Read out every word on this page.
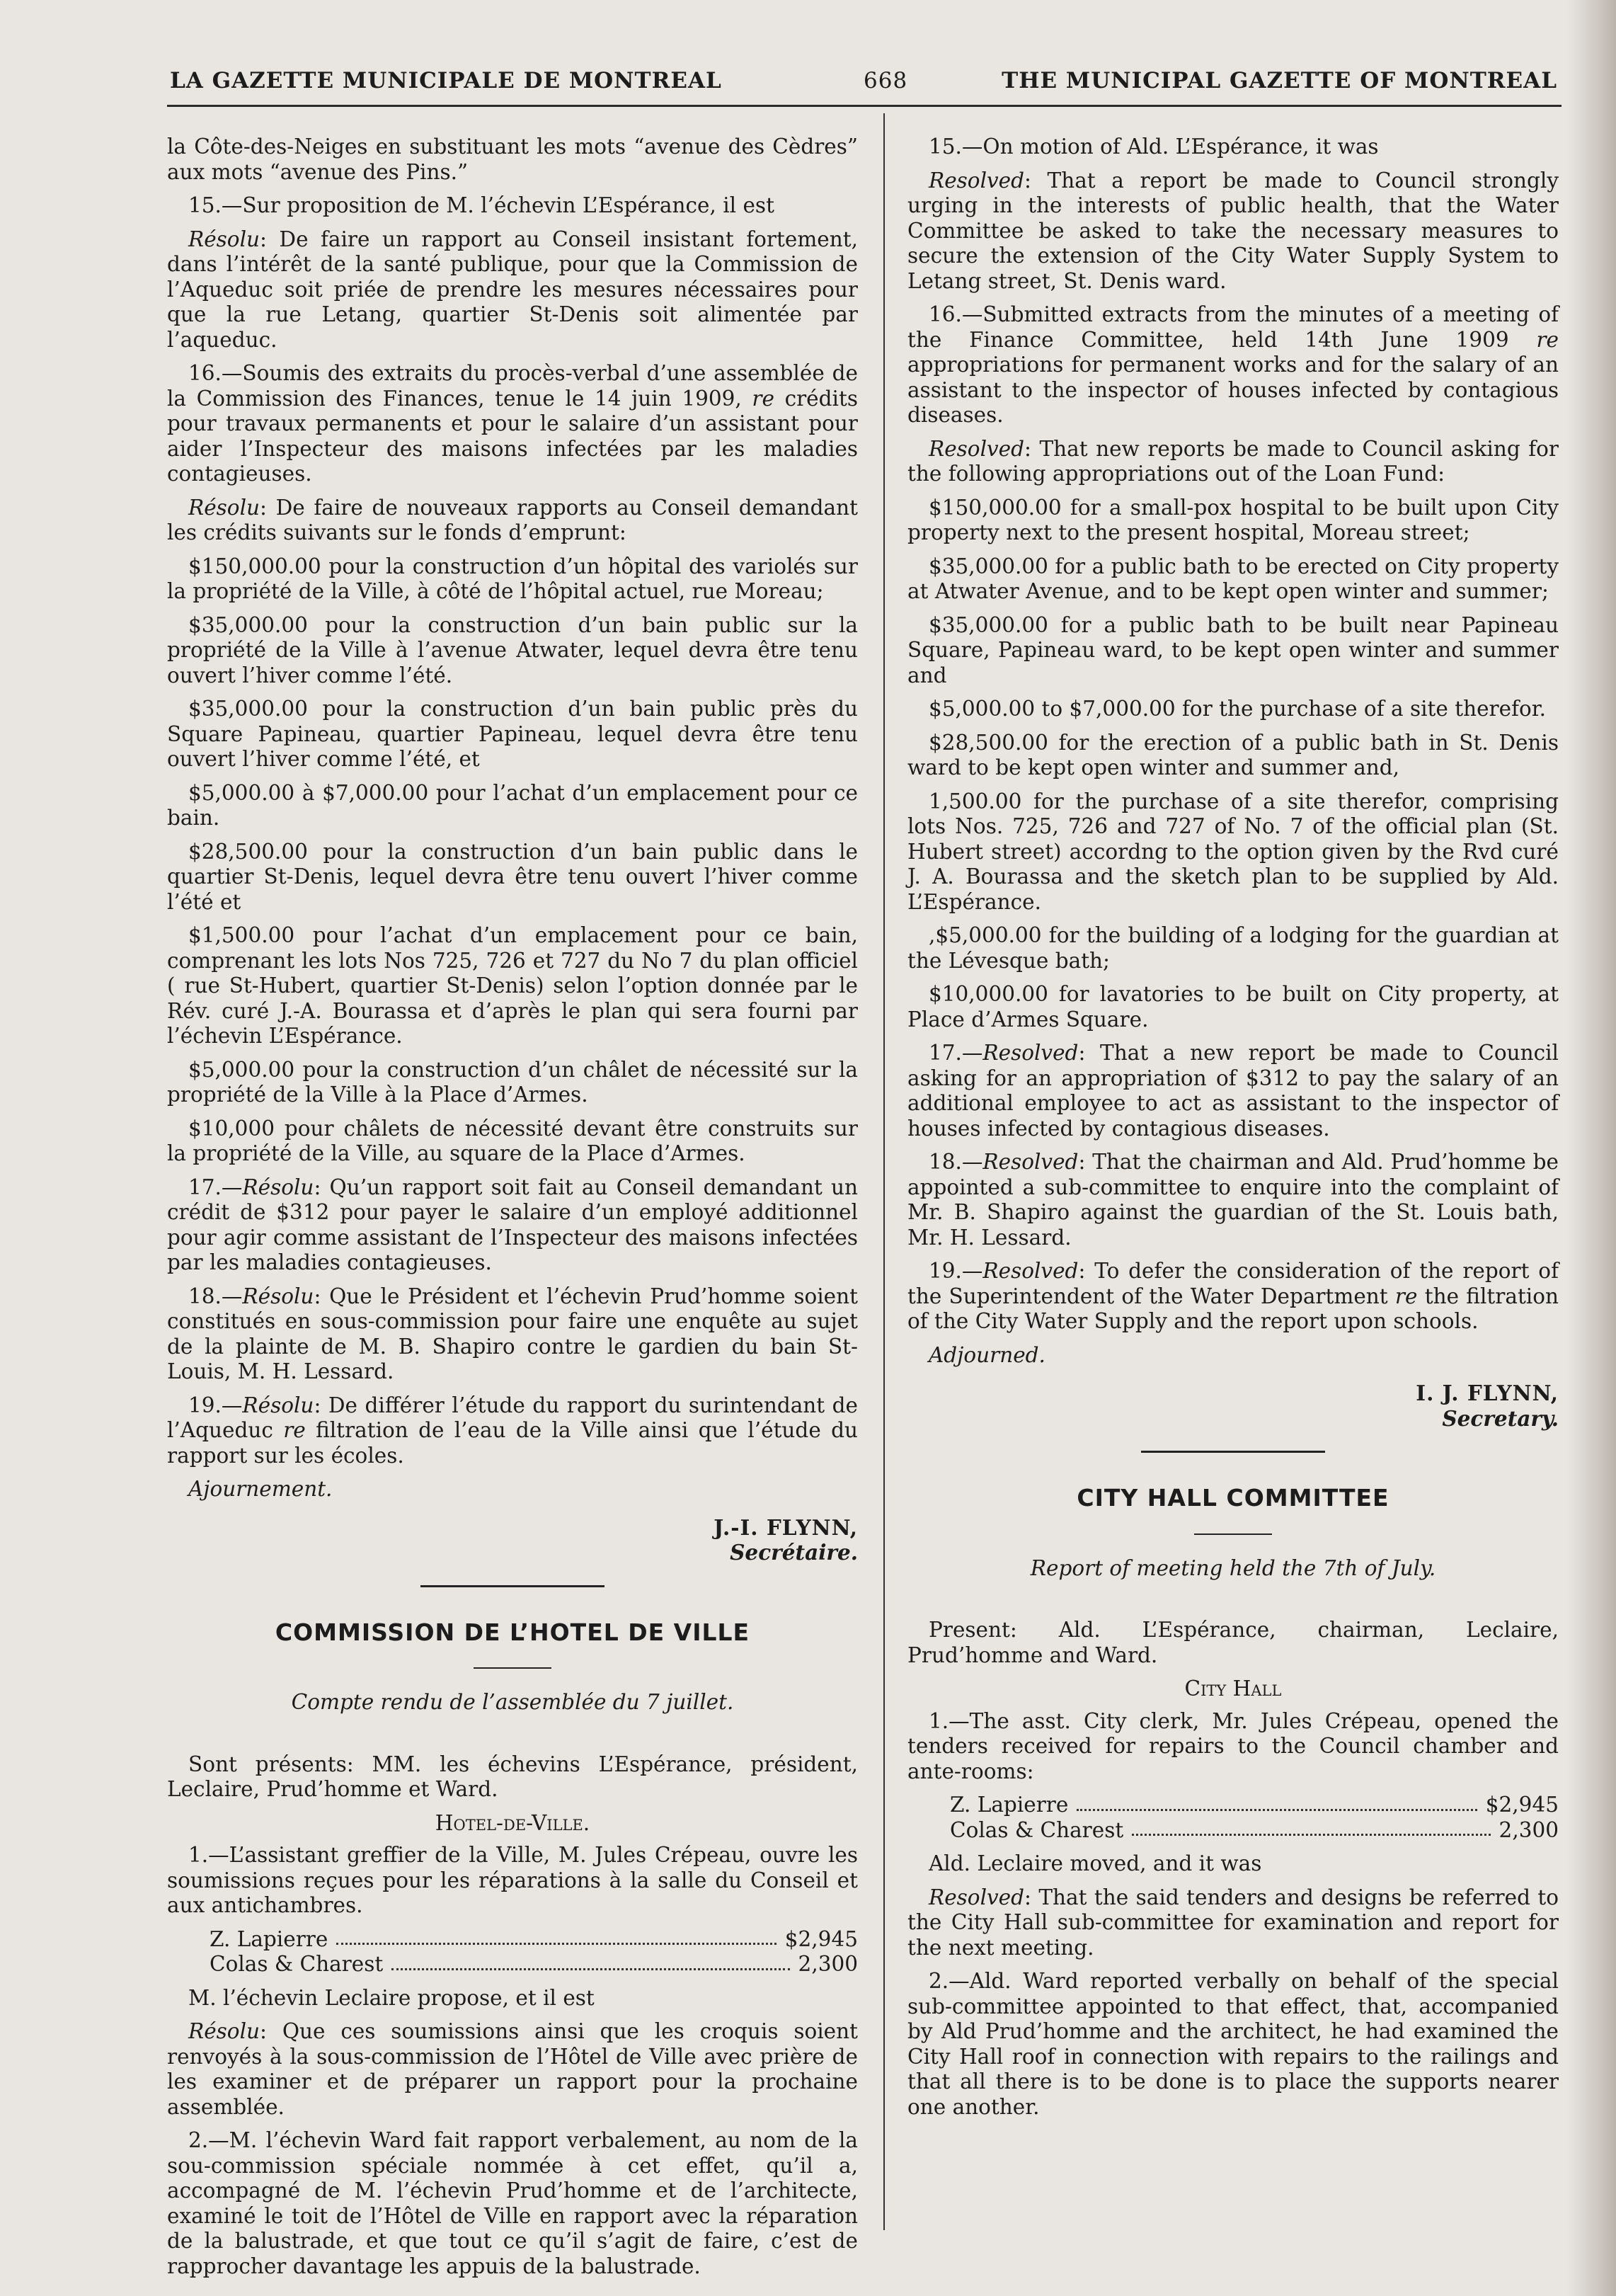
LA GAZETTE MUNICIPALE DE MONTREAL	668	THE MUNICIPAL GAZETTE OF MONTREAL

la Côte-des-Neiges en substituant les mots “avenue des Cèdres” aux mots “avenue des Pins.”

15.—Sur proposition de M. l’échevin L’Espérance, il est

Résolu: De faire un rapport au Conseil insistant fortement, dans l’intérêt de la santé publique, pour que la Commission de l’Aqueduc soit priée de prendre les mesures nécessaires pour que la rue Letang, quartier St-Denis soit alimentée par l’aqueduc.

16.—Soumis des extraits du procès-verbal d’une assemblée de la Commission des Finances, tenue le 14 juin 1909, re crédits pour travaux permanents et pour le salaire d’un assistant pour aider l’Inspecteur des maisons infectées par les maladies contagieuses.

Résolu: De faire de nouveaux rapports au Conseil demandant les crédits suivants sur le fonds d’emprunt:

$150,000.00 pour la construction d’un hôpital des variolés sur la propriété de la Ville, à côté de l’hôpital actuel, rue Moreau;

$35,000.00 pour la construction d’un bain public sur la propriété de la Ville à l’avenue Atwater, lequel devra être tenu ouvert l’hiver comme l’été.

$35,000.00 pour la construction d’un bain public près du Square Papineau, quartier Papineau, lequel devra être tenu ouvert l’hiver comme l’été, et

$5,000.00 à $7,000.00 pour l’achat d’un emplacement pour ce bain.

$28,500.00 pour la construction d’un bain public dans le quartier St-Denis, lequel devra être tenu ouvert l’hiver comme l’été et

$1,500.00 pour l’achat d’un emplacement pour ce bain, comprenant les lots Nos 725, 726 et 727 du No 7 du plan officiel ( rue St-Hubert, quartier St-Denis) selon l’option donnée par le Rév. curé J.-A. Bourassa et d’après le plan qui sera fourni par l’échevin L’Espérance.

$5,000.00 pour la construction d’un châlet de nécessité sur la propriété de la Ville à la Place d’Armes.

$10,000 pour châlets de nécessité devant être construits sur la propriété de la Ville, au square de la Place d’Armes.

17.—Résolu: Qu’un rapport soit fait au Conseil demandant un crédit de $312 pour payer le salaire d’un employé additionnel pour agir comme assistant de l’Inspecteur des maisons infectées par les maladies contagieuses.

18.—Résolu: Que le Président et l’échevin Prud’homme soient constitués en sous-commission pour faire une enquête au sujet de la plainte de M. B. Shapiro contre le gardien du bain St-Louis, M. H. Lessard.

19.—Résolu: De différer l’étude du rapport du surintendant de l’Aqueduc re filtration de l’eau de la Ville ainsi que l’étude du rapport sur les écoles.

Ajournement.

J.-I. FLYNN,
Secrétaire.
COMMISSION DE L’HOTEL DE VILLE
Compte rendu de l’assemblée du 7 juillet.

Sont présents: MM. les échevins L’Espérance, président, Leclaire, Prud’homme et Ward.

Hotel-de-Ville.

1.—L’assistant greffier de la Ville, M. Jules Crépeau, ouvre les soumissions reçues pour les réparations à la salle du Conseil et aux antichambres.

Z. Lapierre	$2,945
Colas & Charest	2,300

M. l’échevin Leclaire propose, et il est

Résolu: Que ces soumissions ainsi que les croquis soient renvoyés à la sous-commission de l’Hôtel de Ville avec prière de les examiner et de préparer un rapport pour la prochaine assemblée.

2.—M. l’échevin Ward fait rapport verbalement, au nom de la sou-commission spéciale nommée à cet effet, qu’il a, accompagné de M. l’échevin Prud’homme et de l’architecte, examiné le toit de l’Hôtel de Ville en rapport avec la réparation de la balustrade, et que tout ce qu’il s’agit de faire, c’est de rapprocher davantage les appuis de la balustrade.

15.—On motion of Ald. L’Espérance, it was

Resolved: That a report be made to Council strongly urging in the interests of public health, that the Water Committee be asked to take the necessary measures to secure the extension of the City Water Supply System to Letang street, St. Denis ward.

16.—Submitted extracts from the minutes of a meeting of the Finance Committee, held 14th June 1909 re appropriations for permanent works and for the salary of an assistant to the inspector of houses infected by contagious diseases.

Resolved: That new reports be made to Council asking for the following appropriations out of the Loan Fund:

$150,000.00 for a small-pox hospital to be built upon City property next to the present hospital, Moreau street;

$35,000.00 for a public bath to be erected on City property at Atwater Avenue, and to be kept open winter and summer;

$35,000.00 for a public bath to be built near Papineau Square, Papineau ward, to be kept open winter and summer and

$5,000.00 to $7,000.00 for the purchase of a site therefor.

$28,500.00 for the erection of a public bath in St. Denis ward to be kept open winter and summer and,

1,500.00 for the purchase of a site therefor, comprising lots Nos. 725, 726 and 727 of No. 7 of the official plan (St. Hubert street) accordng to the option given by the Rvd curé J. A. Bourassa and the sketch plan to be supplied by Ald. L’Espérance.

,$5,000.00 for the building of a lodging for the guardian at the Lévesque bath;

$10,000.00 for lavatories to be built on City property, at Place d’Armes Square.

17.—Resolved: That a new report be made to Council asking for an appropriation of $312 to pay the salary of an additional employee to act as assistant to the inspector of houses infected by contagious diseases.

18.—Resolved: That the chairman and Ald. Prud’homme be appointed a sub-committee to enquire into the complaint of Mr. B. Shapiro against the guardian of the St. Louis bath, Mr. H. Lessard.

19.—Resolved: To defer the consideration of the report of the Superintendent of the Water Department re the filtration of the City Water Supply and the report upon schools.

Adjourned.

I. J. FLYNN,
Secretary.
CITY HALL COMMITTEE
Report of meeting held the 7th of July.

Present: Ald. L’Espérance, chairman, Leclaire, Prud’homme and Ward.

City Hall

1.—The asst. City clerk, Mr. Jules Crépeau, opened the tenders received for repairs to the Council chamber and ante-rooms:

Z. Lapierre	$2,945
Colas & Charest	2,300

Ald. Leclaire moved, and it was

Resolved: That the said tenders and designs be referred to the City Hall sub-committee for examination and report for the next meeting.

2.—Ald. Ward reported verbally on behalf of the special sub-committee appointed to that effect, that, accompanied by Ald Prud’homme and the architect, he had examined the City Hall roof in connection with repairs to the railings and that all there is to be done is to place the supports nearer one another.
